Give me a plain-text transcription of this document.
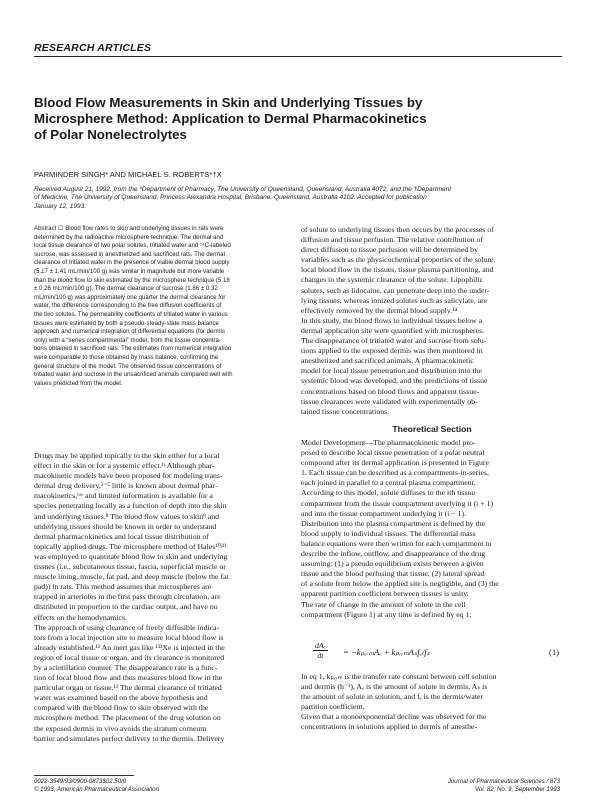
RESEARCH ARTICLES
Blood Flow Measurements in Skin and Underlying Tissues by
Microsphere Method: Application to Dermal Pharmacokinetics
of Polar Nonelectrolytes
PARMINDER SINGH* AND MICHAEL S. ROBERTS*†X
Received August 21, 1992, from the *Department of Pharmacy, The University of Queensland, Queensland, Australia 4072, and the †Department
of Medicine, The University of Queensland, Princess Alexandra Hospital, Brisbane, Queensland, Australia 4102. Accepted for publication
January 12, 1993.
Abstract ☐ Blood flow rates to skin and underlying tissues in rats were
determined by the radioactive microsphere technique. The dermal and
local tissue clearance of two polar solutes, tritiated water and ¹⁴C-labeled
sucrose, was assessed in anesthetized and sacrificed rats. The dermal
clearance of tritiated water in the presence of viable dermal blood supply
(5.17 ± 1.41 mL/min/100 g) was similar in magnitude but more variable
than the blood flow to skin estimated by the microsphere technique (5.18
± 0.26 mL/min/100 g). The dermal clearance of sucrose (1.86 ± 0.32
mL/min/100 g) was approximately one quarter the dermal clearance for
water, the difference corresponding to the free diffusion coefficients of
the two solutes. The permeability coefficients of tritiated water in various
tissues were estimated by both a pseudo-steady-state mass balance
approach and numerical integration of differential equations (for dermis
only) with a “series compartmental” model, from the tissue concentra-
tions obtained in sacrificed rats. The estimates from numerical integration
were comparable to those obtained by mass balance, confirming the
general structure of the model. The observed tissue concentrations of
tritiated water and sucrose in the unsacrificed animals compared well with
values predicted from the model.
of solute to underlying tissues then occurs by the processes of
diffusion and tissue perfusion. The relative contribution of
direct diffusion to tissue perfusion will be determined by
variables such as the physicochemical properties of the solute,
local blood flow in the tissues, tissue plasma partitioning, and
changes in the systemic clearance of the solute. Lipophilic
solutes, such as lidocaine, can penetrate deep into the under-
lying tissues, whereas ionized solutes such as salicylate, are
effectively removed by the dermal blood supply.¹⁴
In this study, the blood flows to individual tissues below a
dermal application site were quantified with microspheres.
The disappearance of tritiated water and sucrose from solu-
tions applied to the exposed dermis was then monitored in
anesthetized and sacrificed animals. A pharmacokinetic
model for local tissue penetration and distribution into the
systemic blood was developed, and the predictions of tissue
concentrations based on blood flows and apparent tissue-
tissue clearances were validated with experimentally ob-
tained tissue concentrations.
Theoretical Section
Model Development—The pharmacokinetic model pro-
posed to describe local tissue penetration of a polar neutral
compound after its dermal application is presented in Figure
1. Each tissue can be described as a compartments-in-series,
each joined in parallel to a central plasma compartment.
According to this model, solute diffuses to the ith tissue
compartment from the tissue compartment overlying it (i + 1)
and into the tissue compartment underlying it (i − 1).
Distribution into the plasma compartment is defined by the
blood supply to individual tissues. The differential mass
balance equations were then written for each compartment to
describe the inflow, outflow, and disappearance of the drug
assuming: (1) a pseudo equilibrium exists between a given
tissue and the blood perfusing that tissue, (2) lateral spread
of a solute from below the applied site is negligible, and (3) the
apparent partition coefficient between tissues is unity.
The rate of change in the amount of solute in the cell
compartment (Figure 1) at any time is defined by eq 1:
dAₑ
dt	= −kₚₑᵣₘAₑ + kₚₑᵣₘAₛfₑ/fₛ	(1)
In eq 1, kₚₑᵣₘ is the transfer rate constant between cell solution
and dermis (h⁻¹), Aₑ is the amount of solute in dermis, Aₛ is
the amount of solute in solution, and fₑ is the dermis/water
partition coefficient.
Given that a monoexponential decline was observed for the
concentrations in solutions applied to dermis of anesthe-
Drugs may be applied topically to the skin either for a local
effect in the skin or for a systemic effect.¹ʲ Although phar-
macokinetic models have been proposed for modeling trans-
dermal drug delivery,³⁻⁵ little is known about dermal phar-
macokinetics,⁶ʷ and limited information is available for a
species penetrating locally as a function of depth into the skin
and underlying tissues.⁸ The blood flow values to skin⁹ and
underlying tissues should be known in order to understand
dermal pharmacokinetics and local tissue distribution of
topically applied drugs. The microsphere method of Hales¹⁰ʲ¹¹
was employed to quantitate blood flow to skin and underlying
tissues (i.e., subcutaneous tissue, fascia, superficial muscle or
muscle lining, muscle, fat pad, and deep muscle (below the fat
pad)) in rats. This method assumes that microspheres are
trapped in arterioles in the first pass through circulation, are
distributed in proportion to the cardiac output, and have no
effects on the hemodynamics.
The approach of using clearance of freely diffusible indica-
tors from a local injection site to measure local blood flow is
already established.¹² An inert gas like ¹³³Xe is injected in the
region of local tissue or organ, and its clearance is monitored
by a scintillation counter. The disappearance rate is a func-
tion of local blood flow and thus measures blood flow in the
particular organ or tissue.¹³ The dermal clearance of tritiated
water was examined based on the above hypothesis and
compared with the blood flow to skin observed with the
microsphere method. The placement of the drug solution on
the exposed dermis in vivo avoids the stratum corneum
barrier and simulates perfect delivery to the dermis. Delivery
0022-3549/93/0900-0873$02.50/0
© 1993, American Pharmaceutical Association
Journal of Pharmaceutical Sciences / 873
Vol. 82, No. 9, September 1993
